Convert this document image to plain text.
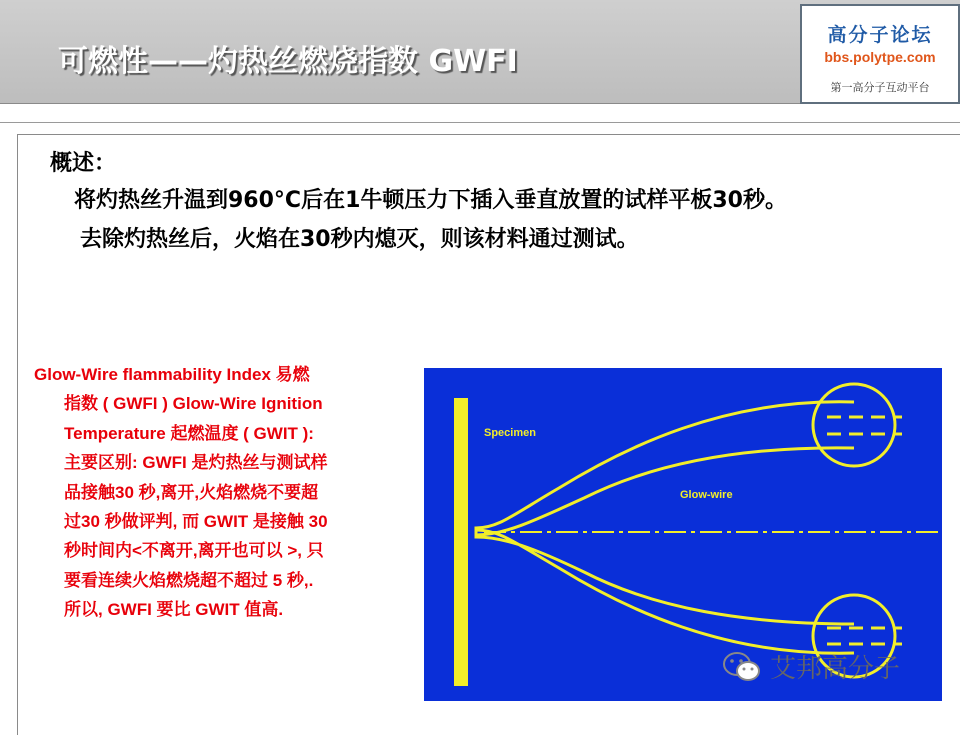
可燃性——灼热丝燃烧指数 GWFI
高分子论坛
bbs.polytpe.com
第一高分子互动平台
概述：
将灼热丝升温到960°C后在1牛顿压力下插入垂直放置的试样平板30秒。
去除灼热丝后，火焰在30秒内熄灭，则该材料通过测试。
Glow-Wire flammability Index 易燃
指数 ( GWFI ) Glow-Wire Ignition
Temperature 起燃温度 ( GWIT ):
主要区别: GWFI 是灼热丝与测试样
品接触30 秒,离开,火焰燃烧不要超
过30 秒做评判, 而 GWIT 是接触 30
秒时间内<不离开,离开也可以 >, 只
要看连续火焰燃烧超不超过 5 秒,.
所以, GWFI 要比 GWIT 值高.
Specimen
Glow-wire
艾邦高分子
